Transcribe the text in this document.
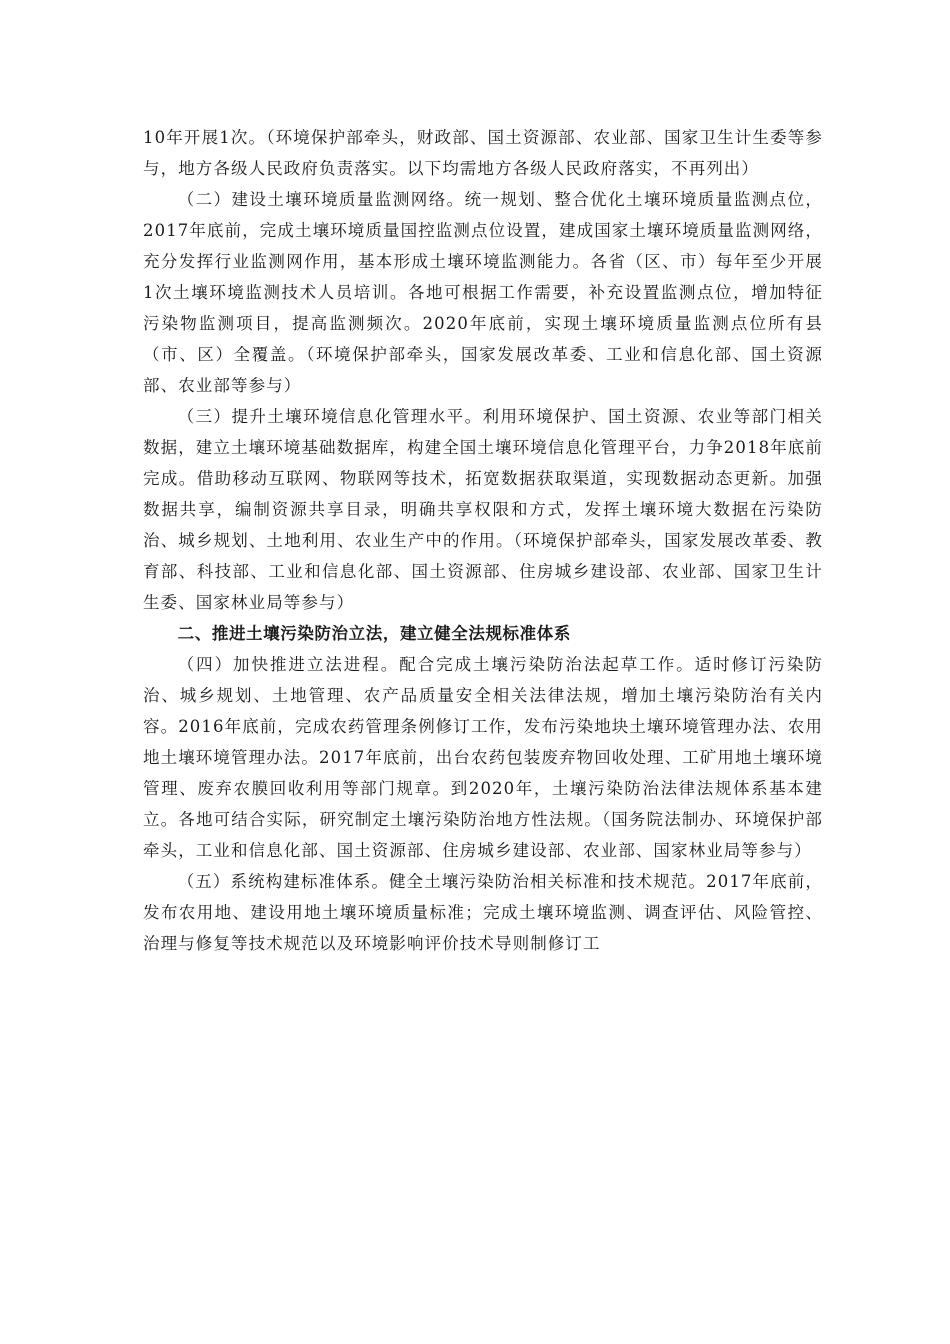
10年开展1次。（环境保护部牵头，财政部、国土资源部、农业部、国家卫生计生委等参与，地方各级人民政府负责落实。以下均需地方各级人民政府落实，不再列出）

（二）建设土壤环境质量监测网络。统一规划、整合优化土壤环境质量监测点位，2017年底前，完成土壤环境质量国控监测点位设置，建成国家土壤环境质量监测网络，充分发挥行业监测网作用，基本形成土壤环境监测能力。各省（区、市）每年至少开展1次土壤环境监测技术人员培训。各地可根据工作需要，补充设置监测点位，增加特征污染物监测项目，提高监测频次。2020年底前，实现土壤环境质量监测点位所有县（市、区）全覆盖。（环境保护部牵头，国家发展改革委、工业和信息化部、国土资源部、农业部等参与）

（三）提升土壤环境信息化管理水平。利用环境保护、国土资源、农业等部门相关数据，建立土壤环境基础数据库，构建全国土壤环境信息化管理平台，力争2018年底前完成。借助移动互联网、物联网等技术，拓宽数据获取渠道，实现数据动态更新。加强数据共享，编制资源共享目录，明确共享权限和方式，发挥土壤环境大数据在污染防治、城乡规划、土地利用、农业生产中的作用。（环境保护部牵头，国家发展改革委、教育部、科技部、工业和信息化部、国土资源部、住房城乡建设部、农业部、国家卫生计生委、国家林业局等参与）

二、推进土壤污染防治立法，建立健全法规标准体系

（四）加快推进立法进程。配合完成土壤污染防治法起草工作。适时修订污染防治、城乡规划、土地管理、农产品质量安全相关法律法规，增加土壤污染防治有关内容。2016年底前，完成农药管理条例修订工作，发布污染地块土壤环境管理办法、农用地土壤环境管理办法。2017年底前，出台农药包装废弃物回收处理、工矿用地土壤环境管理、废弃农膜回收利用等部门规章。到2020年，土壤污染防治法律法规体系基本建立。各地可结合实际，研究制定土壤污染防治地方性法规。（国务院法制办、环境保护部牵头，工业和信息化部、国土资源部、住房城乡建设部、农业部、国家林业局等参与）

（五）系统构建标准体系。健全土壤污染防治相关标准和技术规范。2017年底前，发布农用地、建设用地土壤环境质量标准；完成土壤环境监测、调查评估、风险管控、治理与修复等技术规范以及环境影响评价技术导则制修订工
